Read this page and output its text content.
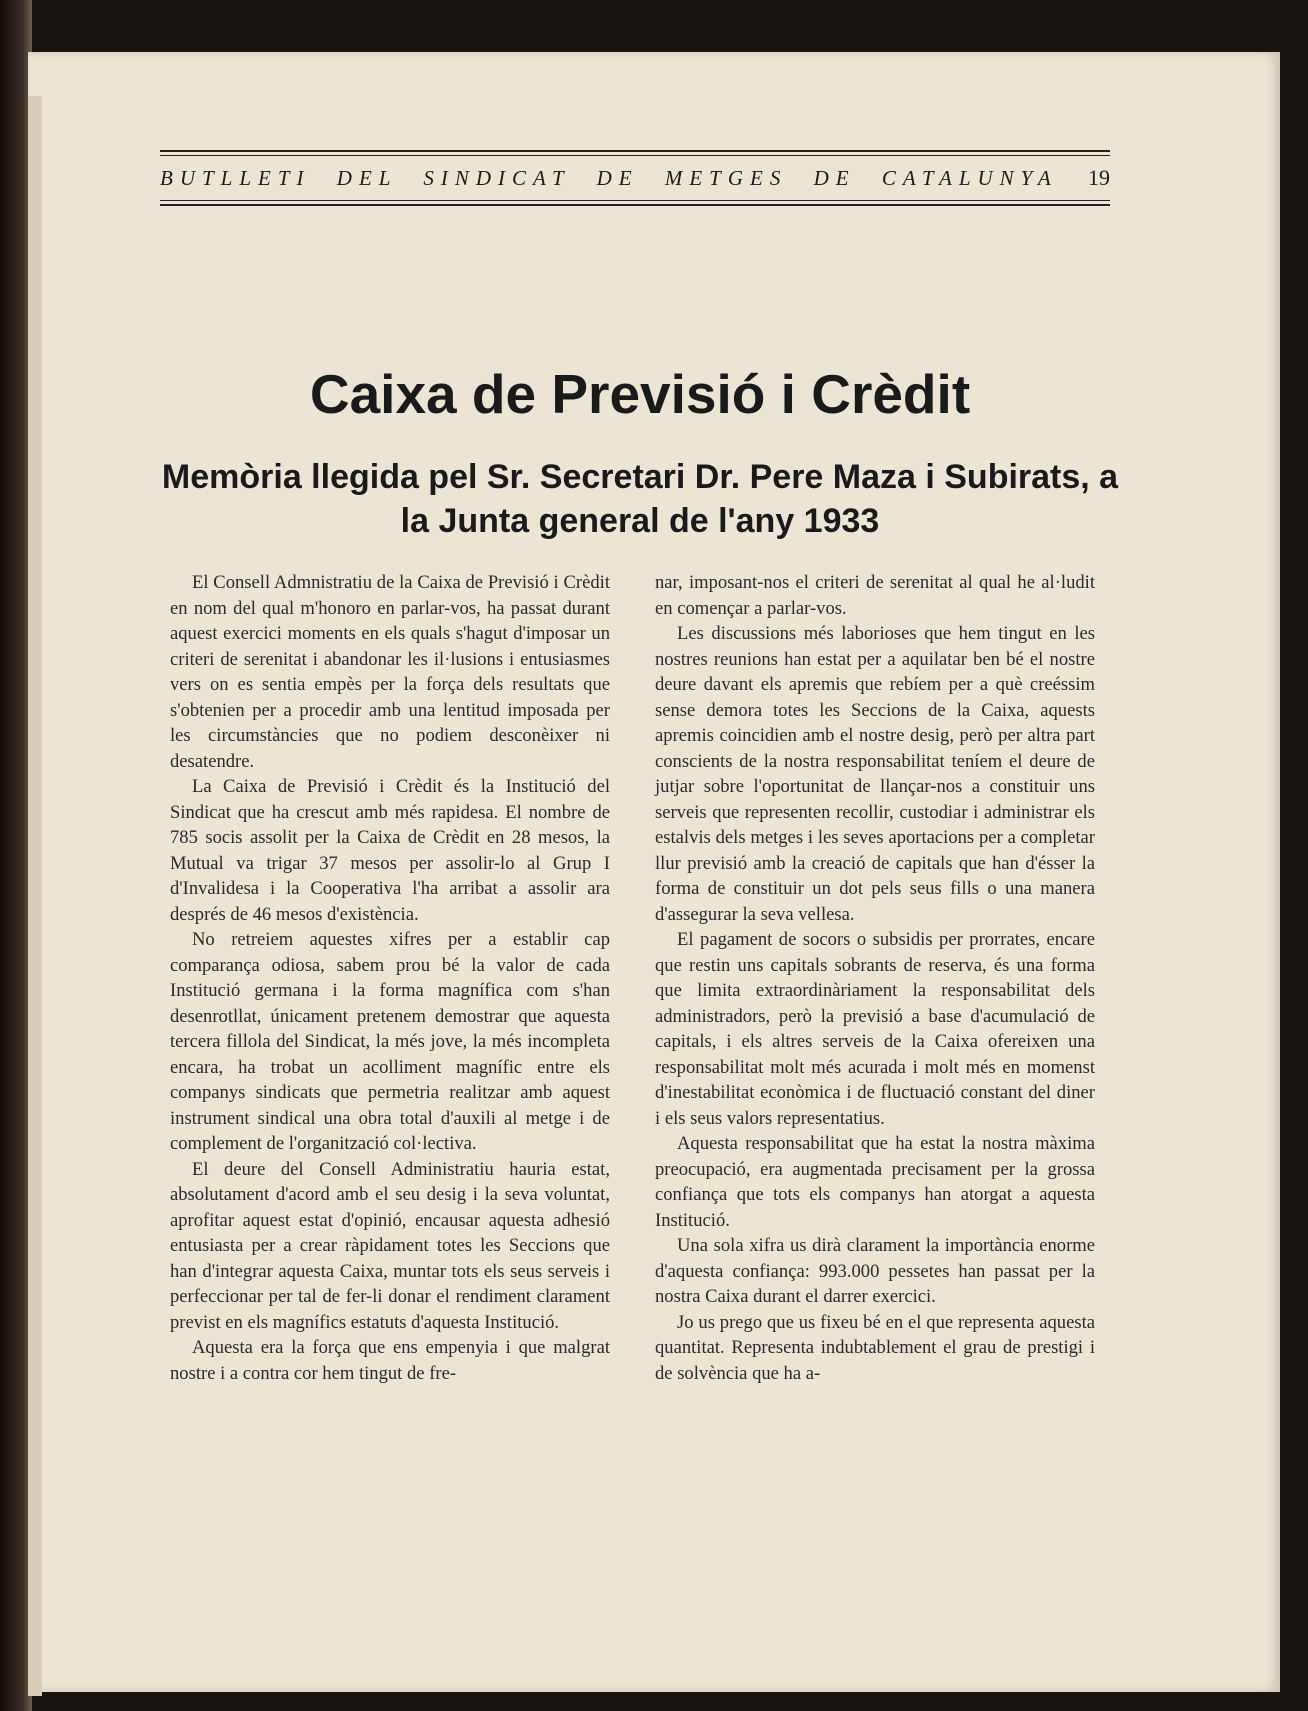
BUTLLETI DEL SINDICAT DE METGES DE CATALUNYA 19
Caixa de Previsió i Crèdit
Memòria llegida pel Sr. Secretari Dr. Pere Maza i Subirats, a la Junta general de l'any 1933

El Consell Admnistratiu de la Caixa de Previsió i Crèdit en nom del qual m'honoro en parlar-vos, ha passat durant aquest exercici moments en els quals s'hagut d'imposar un criteri de serenitat i abandonar les il·lusions i entusiasmes vers on es sentia empès per la força dels resultats que s'obtenien per a procedir amb una lentitud imposada per les circumstàncies que no podiem desconèixer ni desatendre.

La Caixa de Previsió i Crèdit és la Institució del Sindicat que ha crescut amb més rapidesa. El nombre de 785 socis assolit per la Caixa de Crèdit en 28 mesos, la Mutual va trigar 37 mesos per assolir-lo al Grup I d'Invalidesa i la Cooperativa l'ha arribat a assolir ara després de 46 mesos d'existència.

No retreiem aquestes xifres per a establir cap comparança odiosa, sabem prou bé la valor de cada Institució germana i la forma magnífica com s'han desenrotllat, únicament pretenem demostrar que aquesta tercera fillola del Sindicat, la més jove, la més incompleta encara, ha trobat un acolliment magnífic entre els companys sindicats que permetria realitzar amb aquest instrument sindical una obra total d'auxili al metge i de complement de l'organització col·lectiva.

El deure del Consell Administratiu hauria estat, absolutament d'acord amb el seu desig i la seva voluntat, aprofitar aquest estat d'opinió, encausar aquesta adhesió entusiasta per a crear ràpidament totes les Seccions que han d'integrar aquesta Caixa, muntar tots els seus serveis i perfeccionar per tal de fer-li donar el rendiment clarament previst en els magnífics estatuts d'aquesta Institució.

Aquesta era la força que ens empenyia i que malgrat nostre i a contra cor hem tingut de fre-

nar, imposant-nos el criteri de serenitat al qual he al·ludit en començar a parlar-vos.

Les discussions més laborioses que hem tingut en les nostres reunions han estat per a aquilatar ben bé el nostre deure davant els apremis que rebíem per a què creéssim sense demora totes les Seccions de la Caixa, aquests apremis coincidien amb el nostre desig, però per altra part conscients de la nostra responsabilitat teníem el deure de jutjar sobre l'oportunitat de llançar-nos a constituir uns serveis que representen recollir, custodiar i administrar els estalvis dels metges i les seves aportacions per a completar llur previsió amb la creació de capitals que han d'ésser la forma de constituir un dot pels seus fills o una manera d'assegurar la seva vellesa.

El pagament de socors o subsidis per prorrates, encare que restin uns capitals sobrants de reserva, és una forma que limita extraordinàriament la responsabilitat dels administradors, però la previsió a base d'acumulació de capitals, i els altres serveis de la Caixa ofereixen una responsabilitat molt més acurada i molt més en momenst d'inestabilitat econòmica i de fluctuació constant del diner i els seus valors representatius.

Aquesta responsabilitat que ha estat la nostra màxima preocupació, era augmentada precisament per la grossa confiança que tots els companys han atorgat a aquesta Institució.

Una sola xifra us dirà clarament la importància enorme d'aquesta confiança: 993.000 pessetes han passat per la nostra Caixa durant el darrer exercici.

Jo us prego que us fixeu bé en el que representa aquesta quantitat. Representa indubtablement el grau de prestigi i de solvència que ha a-
